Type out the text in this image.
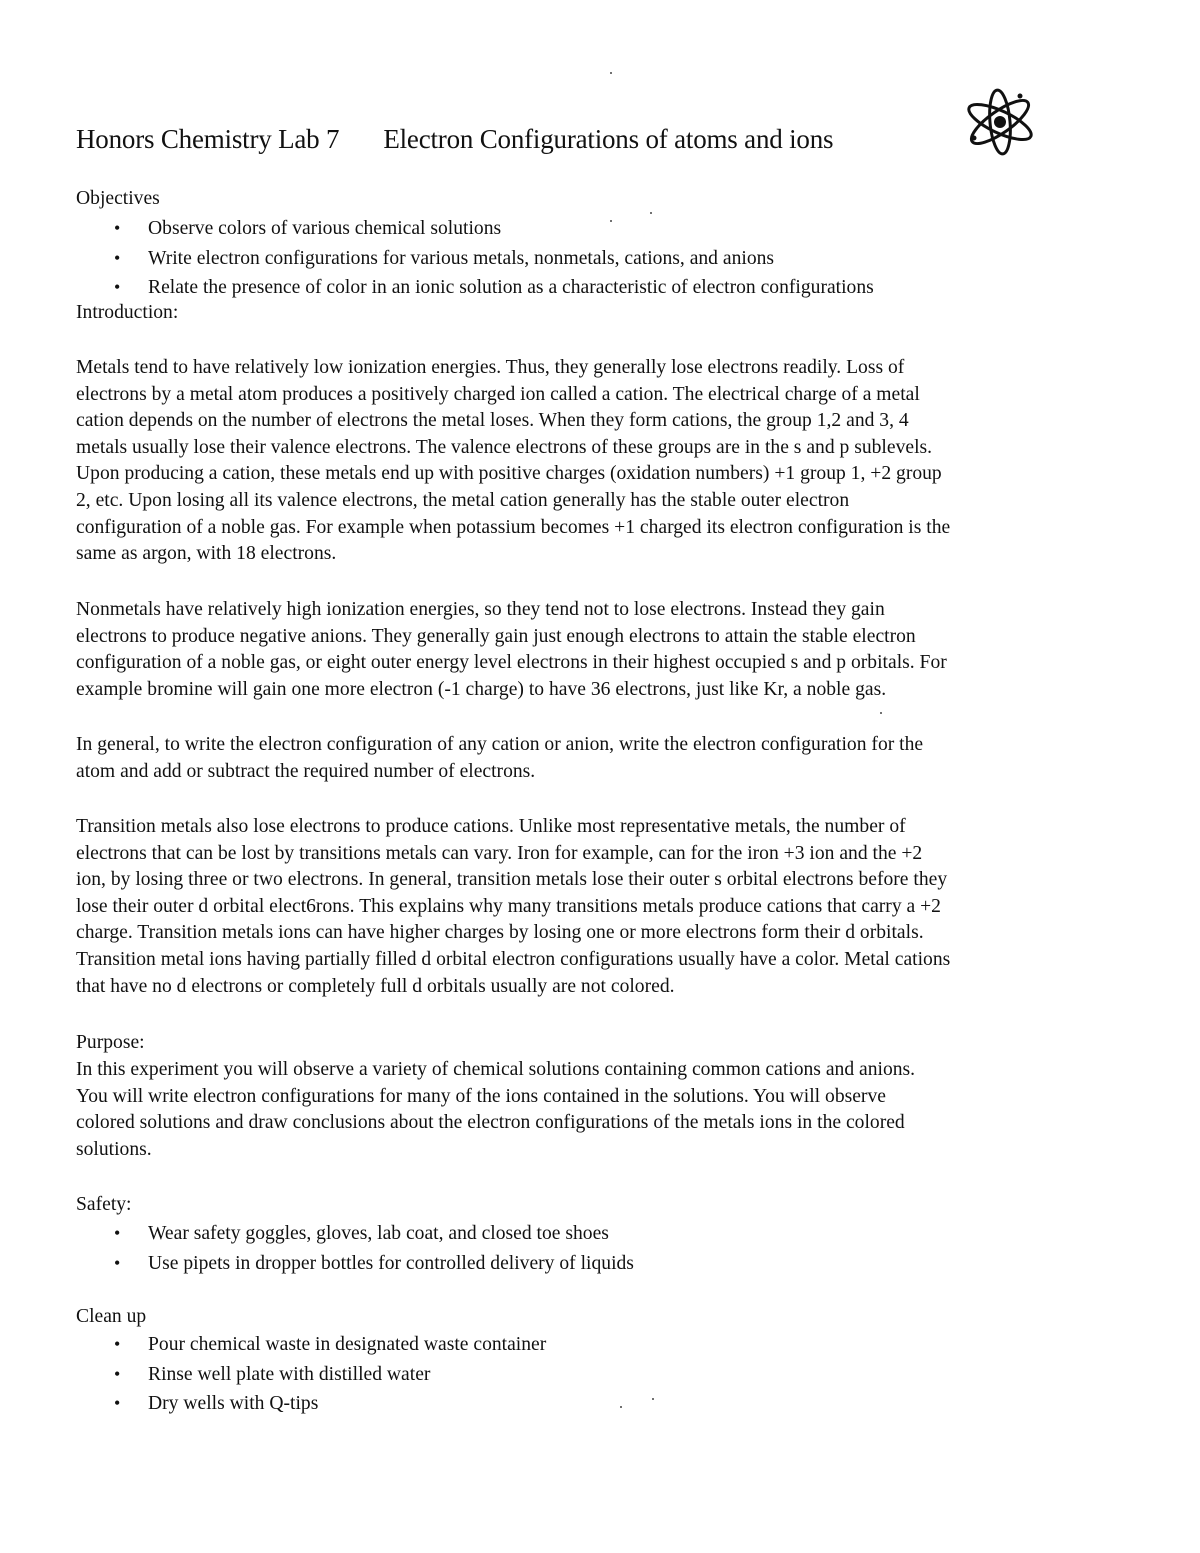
Honors Chemistry Lab 7 Electron Configurations of atoms and ions
Objectives
• Observe colors of various chemical solutions
• Write electron configurations for various metals, nonmetals, cations, and anions
• Relate the presence of color in an ionic solution as a characteristic of electron configurations
Introduction:
Metals tend to have relatively low ionization energies. Thus, they generally lose electrons readily. Loss of
electrons by a metal atom produces a positively charged ion called a cation. The electrical charge of a metal
cation depends on the number of electrons the metal loses. When they form cations, the group 1,2 and 3, 4
metals usually lose their valence electrons. The valence electrons of these groups are in the s and p sublevels.
Upon producing a cation, these metals end up with positive charges (oxidation numbers) +1 group 1, +2 group
2, etc. Upon losing all its valence electrons, the metal cation generally has the stable outer electron
configuration of a noble gas. For example when potassium becomes +1 charged its electron configuration is the
same as argon, with 18 electrons.
Nonmetals have relatively high ionization energies, so they tend not to lose electrons. Instead they gain
electrons to produce negative anions. They generally gain just enough electrons to attain the stable electron
configuration of a noble gas, or eight outer energy level electrons in their highest occupied s and p orbitals. For
example bromine will gain one more electron (-1 charge) to have 36 electrons, just like Kr, a noble gas.
In general, to write the electron configuration of any cation or anion, write the electron configuration for the
atom and add or subtract the required number of electrons.
Transition metals also lose electrons to produce cations. Unlike most representative metals, the number of
electrons that can be lost by transitions metals can vary. Iron for example, can for the iron +3 ion and the +2
ion, by losing three or two electrons. In general, transition metals lose their outer s orbital electrons before they
lose their outer d orbital elect6rons. This explains why many transitions metals produce cations that carry a +2
charge. Transition metals ions can have higher charges by losing one or more electrons form their d orbitals.
Transition metal ions having partially filled d orbital electron configurations usually have a color. Metal cations
that have no d electrons or completely full d orbitals usually are not colored.
Purpose:
In this experiment you will observe a variety of chemical solutions containing common cations and anions.
You will write electron configurations for many of the ions contained in the solutions. You will observe
colored solutions and draw conclusions about the electron configurations of the metals ions in the colored
solutions.
Safety:
• Wear safety goggles, gloves, lab coat, and closed toe shoes
• Use pipets in dropper bottles for controlled delivery of liquids
Clean up
• Pour chemical waste in designated waste container
• Rinse well plate with distilled water
• Dry wells with Q-tips
